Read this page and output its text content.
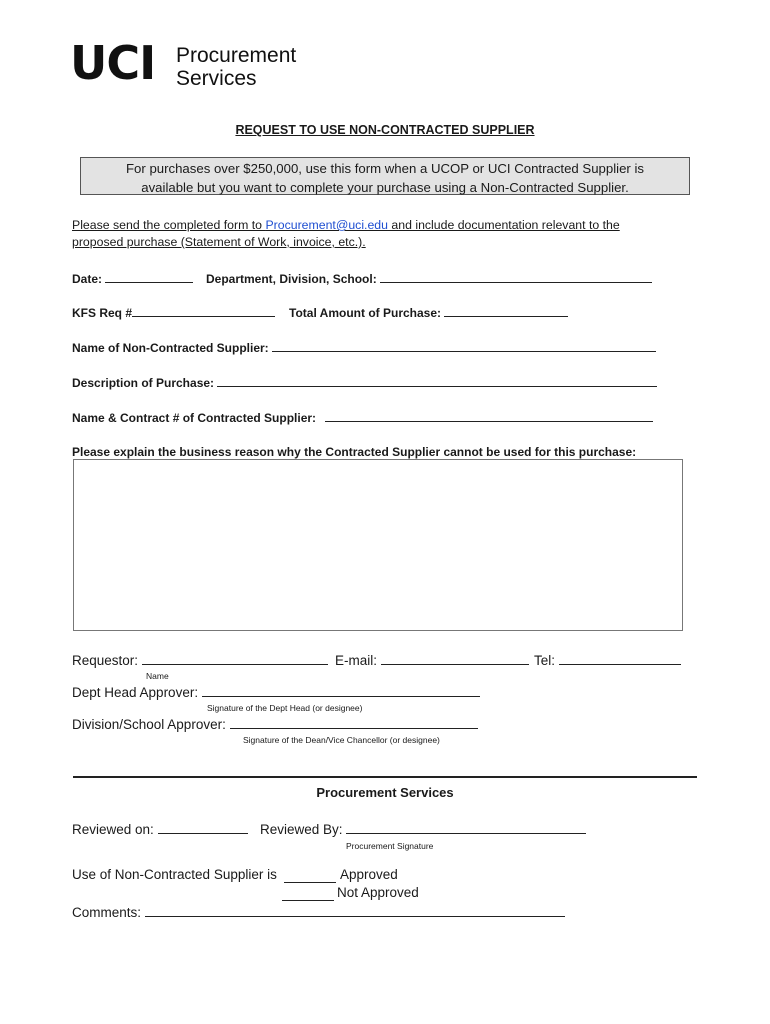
UCI Procurement
Services
REQUEST TO USE NON-CONTRACTED SUPPLIER
For purchases over $250,000, use this form when a UCOP or UCI Contracted Supplier is
available but you want to complete your purchase using a Non-Contracted Supplier.
Please send the completed form to Procurement@uci.edu and include documentation relevant to the proposed purchase (Statement of Work, invoice, etc.).
Date:	Department, Division, School:
KFS Req #	Total Amount of Purchase:
Name of Non-Contracted Supplier:
Description of Purchase:
Name & Contract # of Contracted Supplier:
Please explain the business reason why the Contracted Supplier cannot be used for this purchase:
Requestor:	E-mail:	Tel:
Name
Dept Head Approver:
Signature of the Dept Head (or designee)
Division/School Approver:
Signature of the Dean/Vice Chancellor (or designee)
Procurement Services
Reviewed on:	Reviewed By:
Procurement Signature
Use of Non-Contracted Supplier is	Approved
Not Approved
Comments:
